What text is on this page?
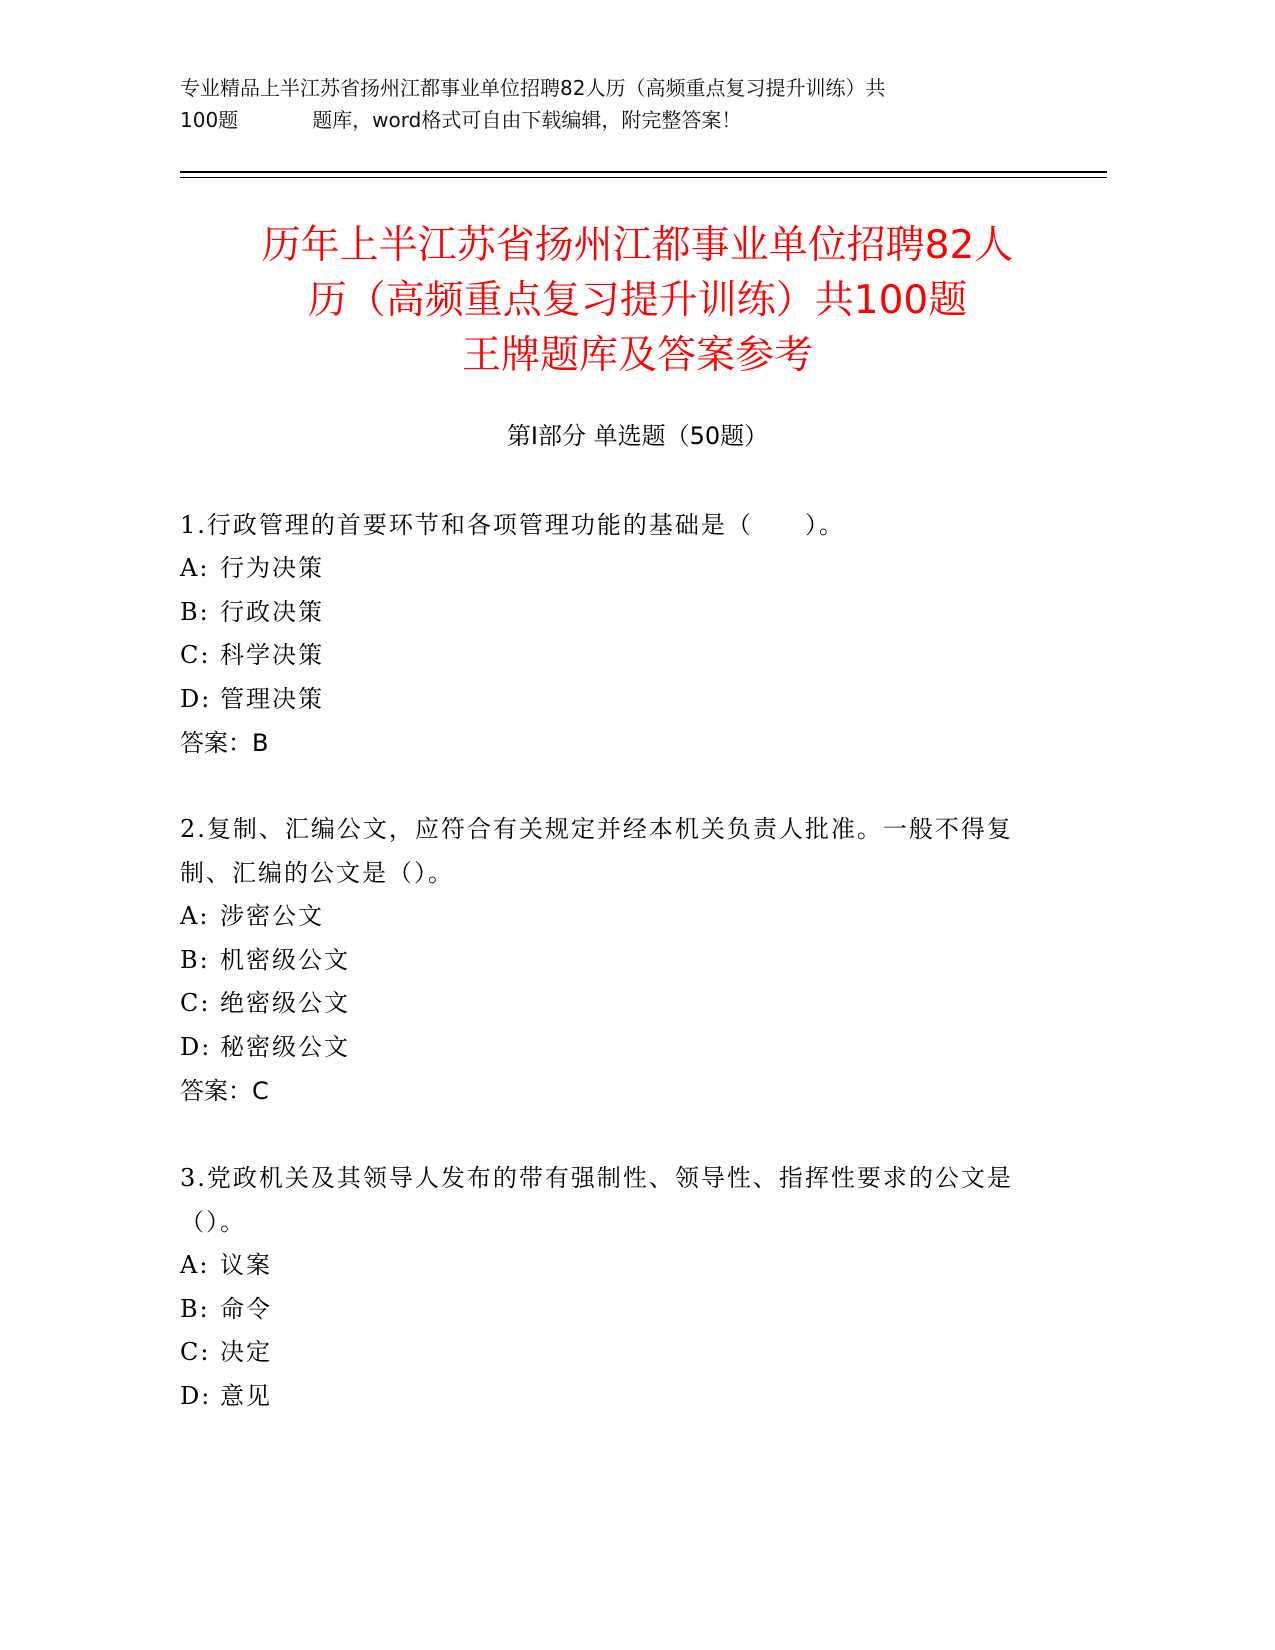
专业精品上半江苏省扬州江都事业单位招聘82人历（高频重点复习提升训练）共
100题	题库，word格式可自由下载编辑，附完整答案！
历年上半江苏省扬州江都事业单位招聘82人
历（高频重点复习提升训练）共100题
王牌题库及答案参考
第Ⅰ部分 单选题（50题）
1.行政管理的首要环节和各项管理功能的基础是（　　）。
A: 行为决策
B: 行政决策
C: 科学决策
D: 管理决策
答案：B
2.复制、汇编公文，应符合有关规定并经本机关负责人批准。一般不得复制、汇编的公文是（）。
A: 涉密公文
B: 机密级公文
C: 绝密级公文
D: 秘密级公文
答案：C
3.党政机关及其领导人发布的带有强制性、领导性、指挥性要求的公文是（）。
A: 议案
B: 命令
C: 决定
D: 意见
